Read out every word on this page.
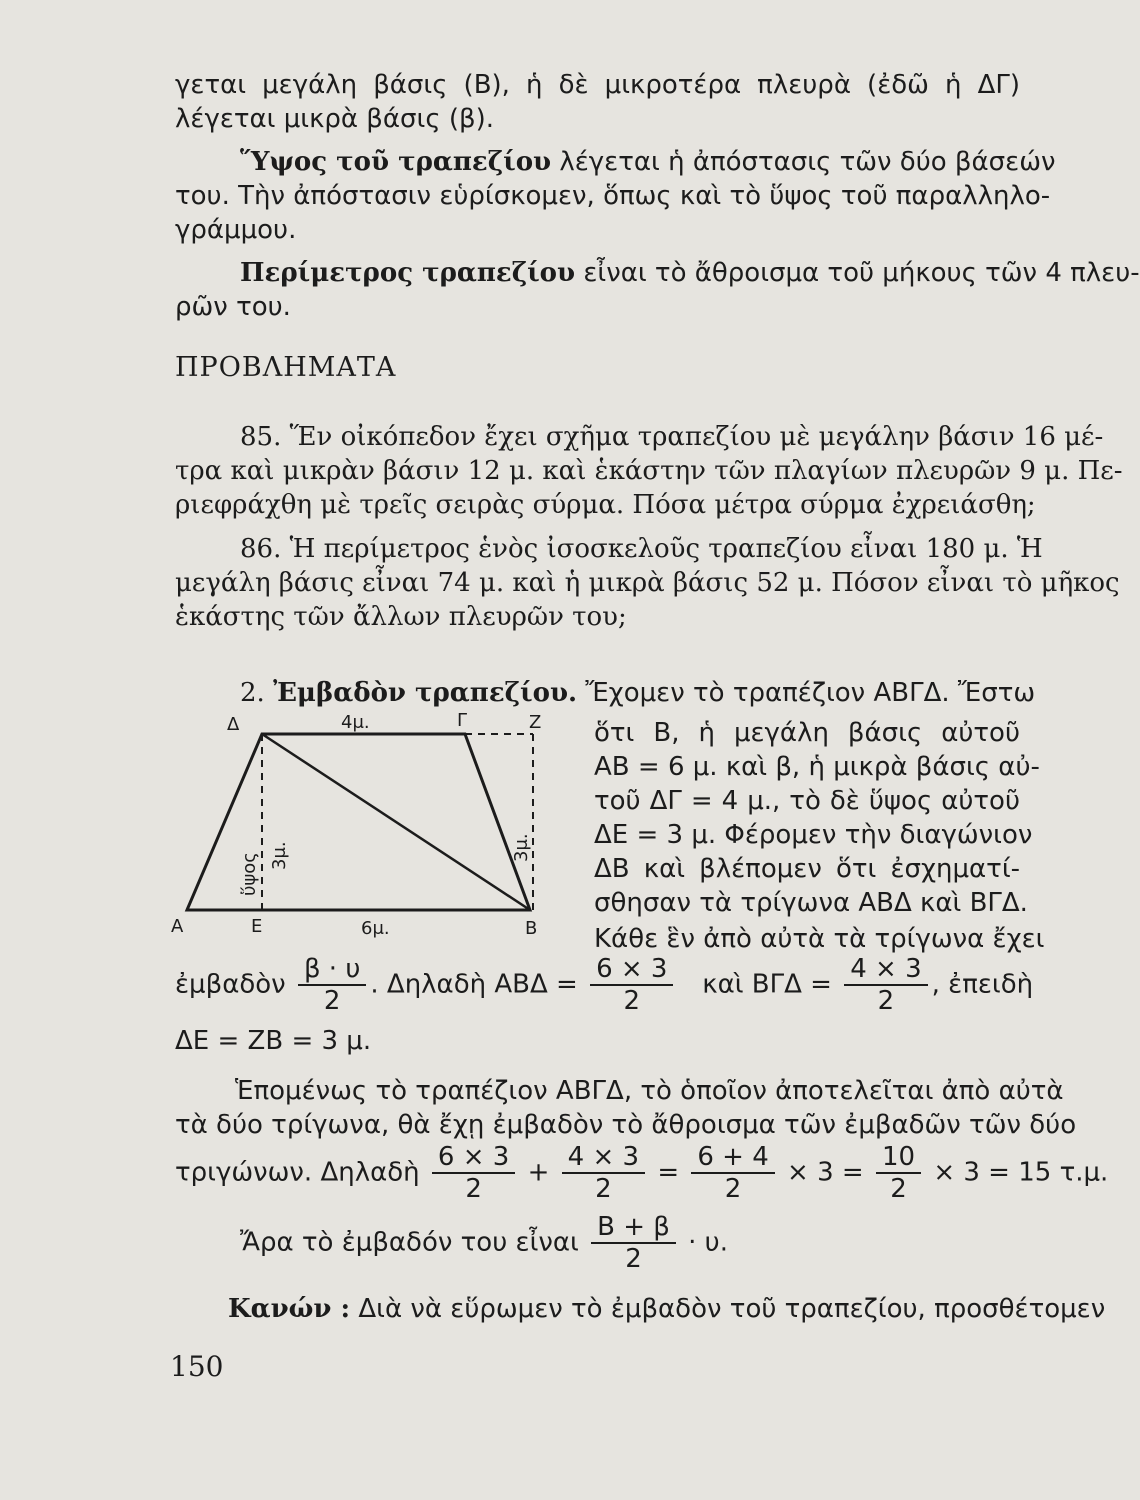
γεται μεγάλη βάσις (Β), ἡ δὲ μικροτέρα πλευρὰ (ἐδῶ ἡ ΔΓ)
λέγεται μικρὰ βάσις (β).
Ὕψος τοῦ τραπεζίου λέγεται ἡ ἀπόστασις τῶν δύο βάσεών
του. Τὴν ἀπόστασιν εὑρίσκομεν, ὅπως καὶ τὸ ὕψος τοῦ παραλληλο-
γράμμου.
Περίμετρος τραπεζίου εἶναι τὸ ἄθροισμα τοῦ μήκους τῶν 4 πλευ-
ρῶν του.
ΠΡΟΒΛΗΜΑΤΑ
85. Ἕν οἰκόπεδον ἔχει σχῆμα τραπεζίου μὲ μεγάλην βάσιν 16 μέ-
τρα καὶ μικρὰν βάσιν 12 μ. καὶ ἑκάστην τῶν πλαγίων πλευρῶν 9 μ. Πε-
ριεφράχθη μὲ τρεῖς σειρὰς σύρμα. Πόσα μέτρα σύρμα ἐχρειάσθη;
86. Ἡ περίμετρος ἑνὸς ἰσοσκελοῦς τραπεζίου εἶναι 180 μ. Ἡ
μεγάλη βάσις εἶναι 74 μ. καὶ ἡ μικρὰ βάσις 52 μ. Πόσον εἶναι τὸ μῆκος
ἑκάστης τῶν ἄλλων πλευρῶν του;
2. Ἐμβαδὸν τραπεζίου. Ἔχομεν τὸ τραπέζιον ΑΒΓΔ. Ἔστω
ὅτι Β, ἡ μεγάλη βάσις αὐτοῦ
ΑΒ = 6 μ. καὶ β, ἡ μικρὰ βάσις αὐ-
τοῦ ΔΓ = 4 μ., τὸ δὲ ὕψος αὐτοῦ
ΔΕ = 3 μ. Φέρομεν τὴν διαγώνιον
ΔΒ καὶ βλέπομεν ὅτι ἐσχηματί-
σθησαν τὰ τρίγωνα ΑΒΔ καὶ ΒΓΔ.
Κάθε ἓν ἀπὸ αὐτὰ τὰ τρίγωνα ἔχει
Δ	4μ.	Γ	Ζ
Α	Ε	6μ.	Β
ὕψος 3μ.	3μ.
ἐμβαδὸν $\frac{\beta \cdot \upsilon}{2}$ . Δηλαδὴ $AB\Delta = \frac{6 \times 3}{2}$ καὶ $B\Gamma\Delta = \frac{4 \times 3}{2}$ , ἐπειδὴ
ΔΕ = ΖΒ = 3 μ.
Ἑπομένως τὸ τραπέζιον ΑΒΓΔ, τὸ ὁποῖον ἀποτελεῖται ἀπὸ αὐτὰ
τὰ δύο τρίγωνα, θὰ ἔχῃ ἐμβαδὸν τὸ ἄθροισμα τῶν ἐμβαδῶν τῶν δύο
τριγώνων. Δηλαδὴ $\frac{6 \times 3}{2} + \frac{4 \times 3}{2} = \frac{6 + 4}{2} \times 3 = \frac{10}{2} \times 3 = 15$ τ.μ.
Ἄρα τὸ ἐμβαδόν του εἶναι $\frac{B + \beta}{2} \cdot \upsilon$.
Κανών : Διὰ νὰ εὕρωμεν τὸ ἐμβαδὸν τοῦ τραπεζίου, προσθέτομεν
150
